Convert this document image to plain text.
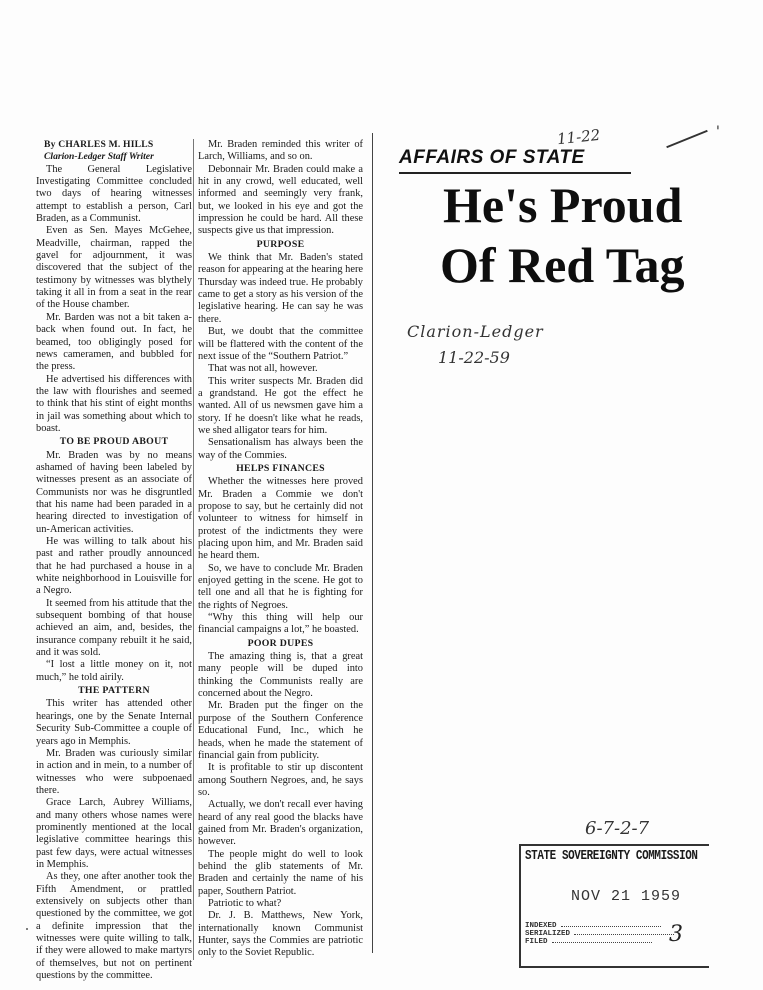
By CHARLES M. HILLS

Clarion-Ledger Staff Writer

The General Legislative Investigating Committee concluded two days of hearing witnesses attempt to establish a person, Carl Braden, as a Communist.

Even as Sen. Mayes McGehee, Meadville, chairman, rapped the gavel for adjournment, it was discovered that the subject of the testimony by witnesses was blythely taking it all in from a seat in the rear of the House chamber.

Mr. Barden was not a bit taken a-back when found out. In fact, he beamed, too obligingly posed for news cameramen, and bubbled for the press.

He advertised his differences with the law with flourishes and seemed to think that his stint of eight months in jail was something about which to boast.

TO BE PROUD ABOUT

Mr. Braden was by no means ashamed of having been labeled by witnesses present as an associate of Communists nor was he disgruntled that his name had been paraded in a hearing directed to investigation of un-American activities.

He was willing to talk about his past and rather proudly announced that he had purchased a house in a white neighborhood in Louisville for a Negro.

It seemed from his attitude that the subsequent bombing of that house achieved an aim, and, besides, the insurance company rebuilt it he said, and it was sold.

“I lost a little money on it, not much,” he told airily.

THE PATTERN

This writer has attended other hearings, one by the Senate Internal Security Sub-Committee a couple of years ago in Memphis.

Mr. Braden was curiously similar in action and in mein, to a number of witnesses who were subpoenaed there.

Grace Larch, Aubrey Williams, and many others whose names were prominently mentioned at the local legislative committee hearings this past few days, were actual witnesses in Memphis.

As they, one after another took the Fifth Amendment, or prattled extensively on subjects other than questioned by the committee, we got a definite impression that the witnesses were quite willing to talk, if they were allowed to make martyrs of themselves, but not on pertinent questions by the committee.

Mr. Braden reminded this writer of Larch, Williams, and so on.

Debonnair Mr. Braden could make a hit in any crowd, well educated, well informed and seemingly very frank, but, we looked in his eye and got the impression he could be hard. All these suspects give us that impression.

PURPOSE

We think that Mr. Baden's stated reason for appearing at the hearing here Thursday was indeed true. He probably came to get a story as his version of the legislative hearing. He can say he was there.

But, we doubt that the committee will be flattered with the content of the next issue of the “Southern Patriot.”

That was not all, however.

This writer suspects Mr. Braden did a grandstand. He got the effect he wanted. All of us newsmen gave him a story. If he doesn't like what he reads, we shed alligator tears for him.

Sensationalism has always been the way of the Commies.

HELPS FINANCES

Whether the witnesses here proved Mr. Braden a Commie we don't propose to say, but he certainly did not volunteer to witness for himself in protest of the indictments they were placing upon him, and Mr. Braden said he heard them.

So, we have to conclude Mr. Braden enjoyed getting in the scene. He got to tell one and all that he is fighting for the rights of Negroes.

“Why this thing will help our financial campaigns a lot,” he boasted.

POOR DUPES

The amazing thing is, that a great many people will be duped into thinking the Communists really are concerned about the Negro.

Mr. Braden put the finger on the purpose of the Southern Conference Educational Fund, Inc., which he heads, when he made the statement of financial gain from publicity.

It is profitable to stir up discontent among Southern Negroes, and, he says so.

Actually, we don't recall ever having heard of any real good the blacks have gained from Mr. Braden's organization, however.

The people might do well to look behind the glib statements of Mr. Braden and certainly the name of his paper, Southern Patriot.

Patriotic to what?

Dr. J. B. Matthews, New York, internationally known Communist Hunter, says the Commies are patriotic only to the Soviet Republic.

11-22	'
AFFAIRS OF STATE
He's Proud
Of Red Tag
Clarion-Ledger
11-22-59
6-7-2-7
STATE SOVEREIGNTY COMMISSION
NOV 21 1959
INDEXED
SERIALIZED
FILED	3
